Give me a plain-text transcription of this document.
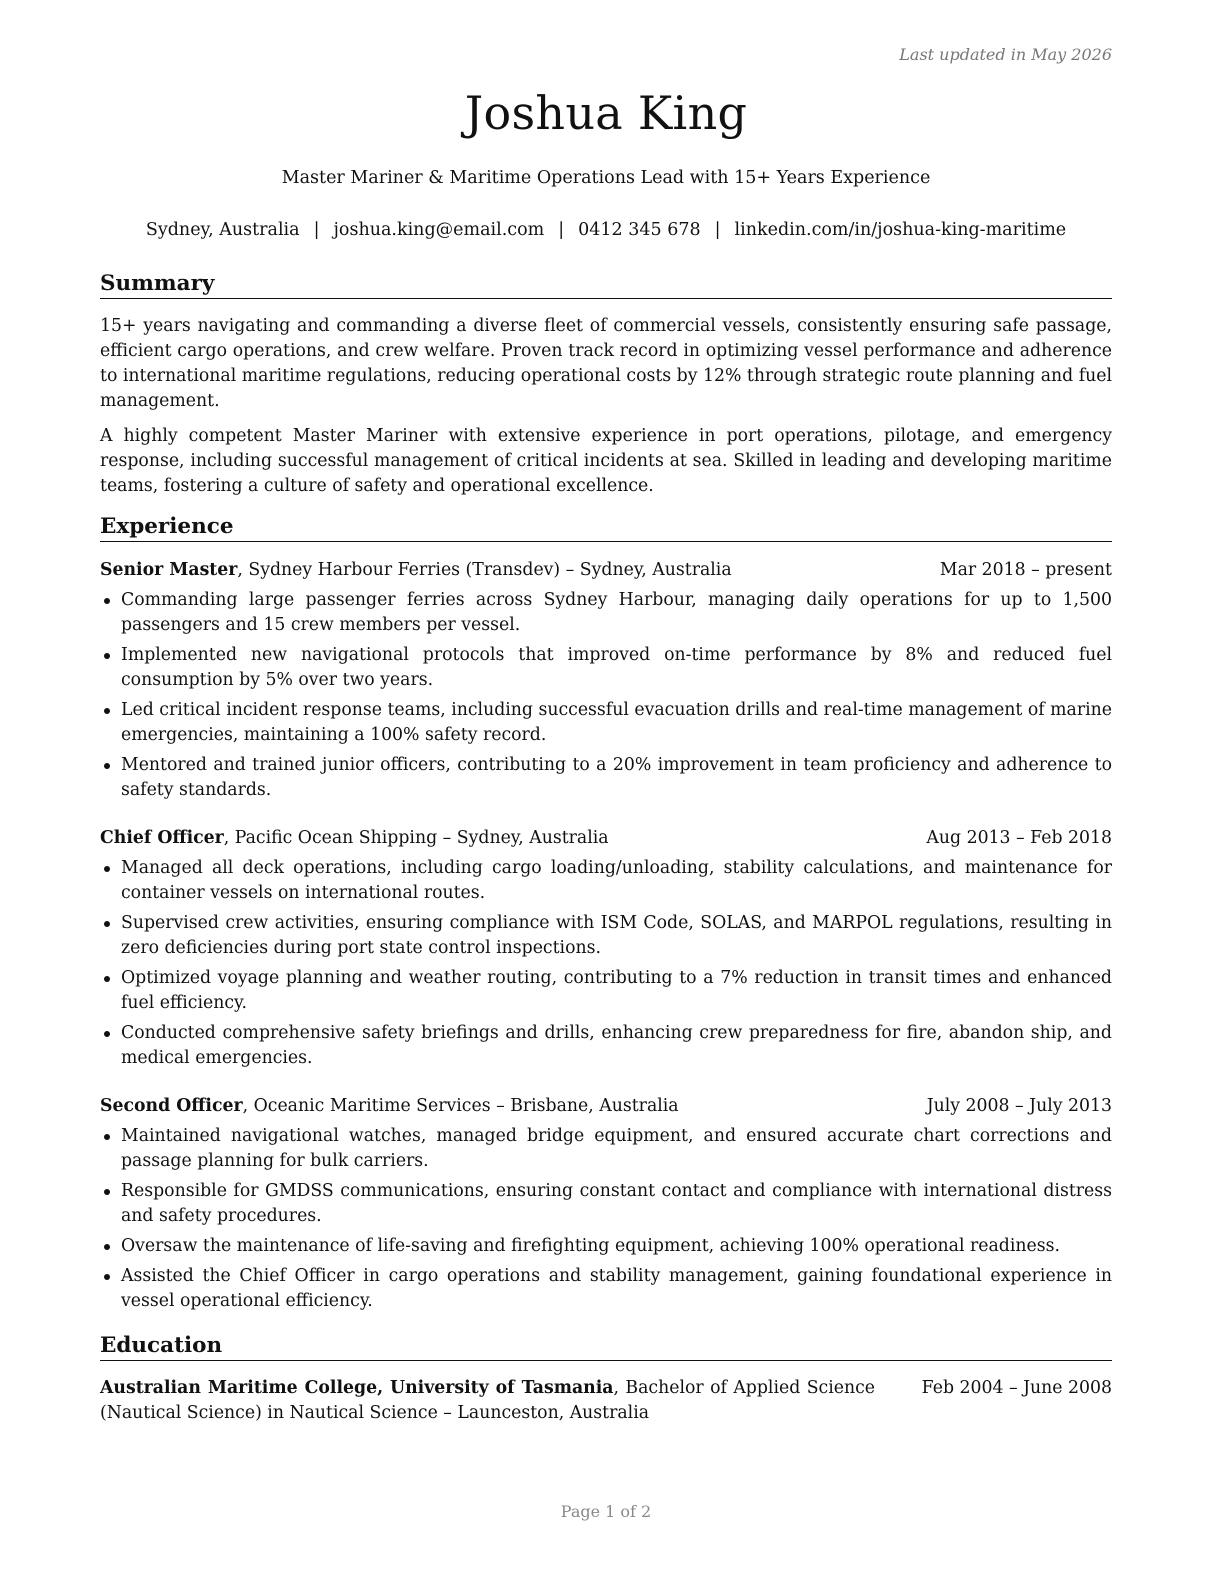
Last updated in May 2026
Joshua King
Master Mariner & Maritime Operations Lead with 15+ Years Experience
Sydney, Australia | joshua.king@email.com | 0412 345 678 | linkedin.com/in/joshua-king-maritime
Summary
15+ years navigating and commanding a diverse fleet of commercial vessels, consistently ensuring safe passage, efficient cargo operations, and crew welfare. Proven track record in optimizing vessel performance and adherence to international maritime regulations, reducing operational costs by 12% through strategic route planning and fuel management.
A highly competent Master Mariner with extensive experience in port operations, pilotage, and emergency response, including successful management of critical incidents at sea. Skilled in leading and developing maritime teams, fostering a culture of safety and operational excellence.
Experience
Senior Master, Sydney Harbour Ferries (Transdev) – Sydney, Australia	Mar 2018 – present
Commanding large passenger ferries across Sydney Harbour, managing daily operations for up to 1,500 passengers and 15 crew members per vessel.
Implemented new navigational protocols that improved on-time performance by 8% and reduced fuel consumption by 5% over two years.
Led critical incident response teams, including successful evacuation drills and real-time management of marine emergencies, maintaining a 100% safety record.
Mentored and trained junior officers, contributing to a 20% improvement in team proficiency and adherence to safety standards.
Chief Officer, Pacific Ocean Shipping – Sydney, Australia	Aug 2013 – Feb 2018
Managed all deck operations, including cargo loading/unloading, stability calculations, and maintenance for container vessels on international routes.
Supervised crew activities, ensuring compliance with ISM Code, SOLAS, and MARPOL regulations, resulting in zero deficiencies during port state control inspections.
Optimized voyage planning and weather routing, contributing to a 7% reduction in transit times and enhanced fuel efficiency.
Conducted comprehensive safety briefings and drills, enhancing crew preparedness for fire, abandon ship, and medical emergencies.
Second Officer, Oceanic Maritime Services – Brisbane, Australia	July 2008 – July 2013
Maintained navigational watches, managed bridge equipment, and ensured accurate chart corrections and passage planning for bulk carriers.
Responsible for GMDSS communications, ensuring constant contact and compliance with international distress and safety procedures.
Oversaw the maintenance of life-saving and firefighting equipment, achieving 100% operational readiness.
Assisted the Chief Officer in cargo operations and stability management, gaining foundational experience in vessel operational efficiency.
Education
Australian Maritime College, University of Tasmania, Bachelor of Applied Science (Nautical Science) in Nautical Science – Launceston, Australia
Feb 2004 – June 2008
Page 1 of 2
